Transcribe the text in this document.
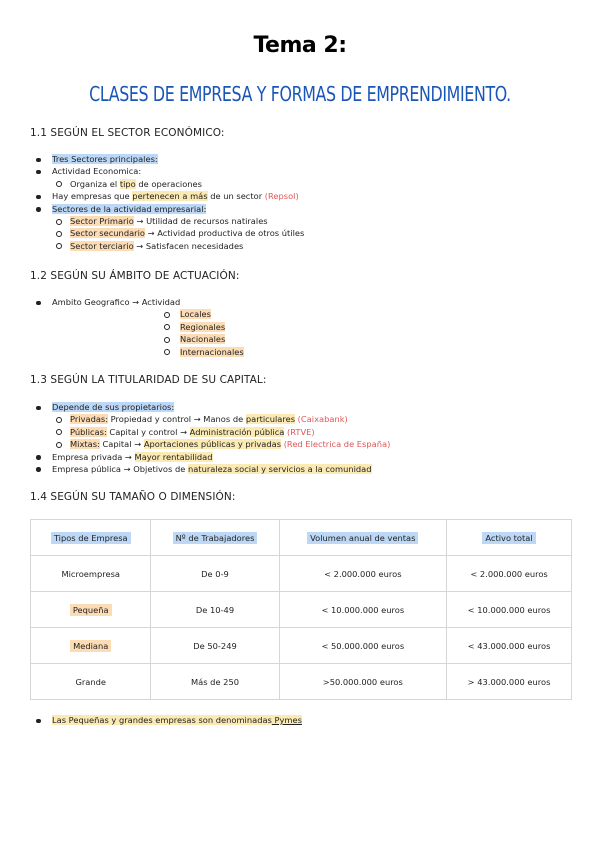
Tema 2:
CLASES DE EMPRESA Y FORMAS DE EMPRENDIMIENTO.
1.1 SEGÚN EL SECTOR ECONÓMICO:
Tres Sectores principales:
Actividad Economica:
Organiza el tipo de operaciones
Hay empresas que pertenecen a más de un sector (Repsol)
Sectores de la actividad empresarial:
Sector Primario → Utilidad de recursos natirales
Sector secundario → Actividad productiva de otros útiles
Sector terciario → Satisfacen necesidades
1.2 SEGÚN SU ÁMBITO DE ACTUACIÓN:
Ambito Geografico → Actividad
Locales
Regionales
Nacionales
Internacionales
1.3 SEGÚN LA TITULARIDAD DE SU CAPITAL:
Depende de sus propietarios:
Privadas: Propiedad y control → Manos de particulares (Caixabank)
Públicas: Capital y control → Administración pública (RTVE)
Mixtas: Capital → Aportaciones públicas y privadas (Red Electrica de España)
Empresa privada → Mayor rentabilidad
Empresa pública → Objetivos de naturaleza social y servicios a la comunidad
1.4 SEGÚN SU TAMAÑO O DIMENSIÓN:
Tipos de Empresa	Nº de Trabajadores	Volumen anual de ventas	Activo total
Microempresa	De 0-9	< 2.000.000 euros	< 2.000.000 euros
Pequeña	De 10-49	< 10.000.000 euros	< 10.000.000 euros
Mediana	De 50-249	< 50.000.000 euros	< 43.000.000 euros
Grande	Más de 250	>50.000.000 euros	> 43.000.000 euros
Las Pequeñas y grandes empresas son denominadas Pymes
